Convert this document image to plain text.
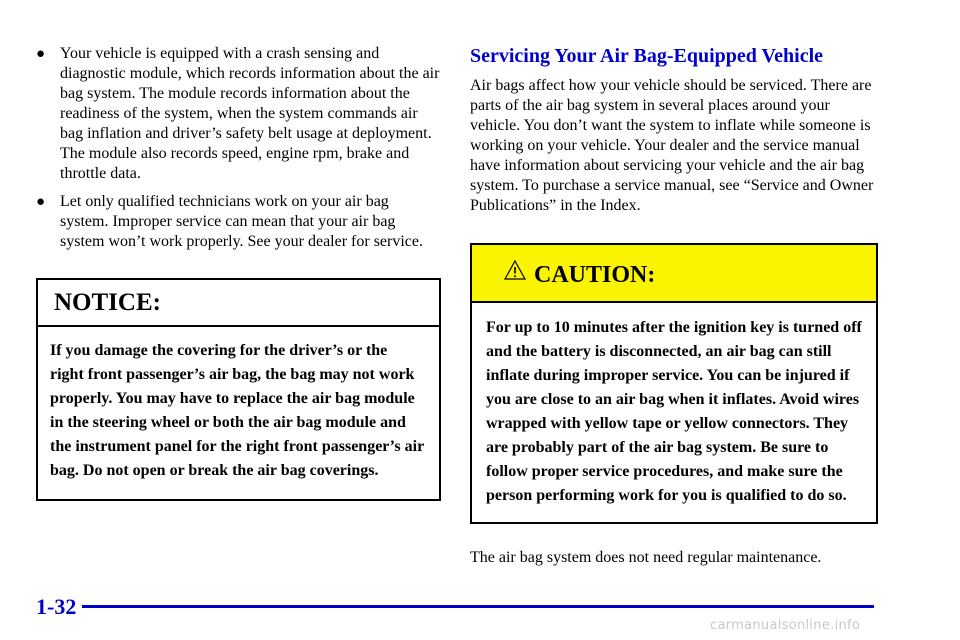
● Your vehicle is equipped with a crash sensing and diagnostic module, which records information about the air bag system. The module records information about the readiness of the system, when the system commands air bag inflation and driver’s safety belt usage at deployment. The module also records speed, engine rpm, brake and throttle data.
● Let only qualified technicians work on your air bag system. Improper service can mean that your air bag system won’t work properly. See your dealer for service.
NOTICE:
If you damage the covering for the driver’s or the right front passenger’s air bag, the bag may not work properly. You may have to replace the air bag module in the steering wheel or both the air bag module and the instrument panel for the right front passenger’s air bag. Do not open or break the air bag coverings.
Servicing Your Air Bag-Equipped Vehicle

Air bags affect how your vehicle should be serviced. There are parts of the air bag system in several places around your vehicle. You don’t want the system to inflate while someone is working on your vehicle. Your dealer and the service manual have information about servicing your vehicle and the air bag system. To purchase a service manual, see “Service and Owner Publications” in the Index.

CAUTION:
For up to 10 minutes after the ignition key is turned off and the battery is disconnected, an air bag can still inflate during improper service. You can be injured if you are close to an air bag when it inflates. Avoid wires wrapped with yellow tape or yellow connectors. They are probably part of the air bag system. Be sure to follow proper service procedures, and make sure the person performing work for you is qualified to do so.

The air bag system does not need regular maintenance.

1-32
carmanualsonline.info
